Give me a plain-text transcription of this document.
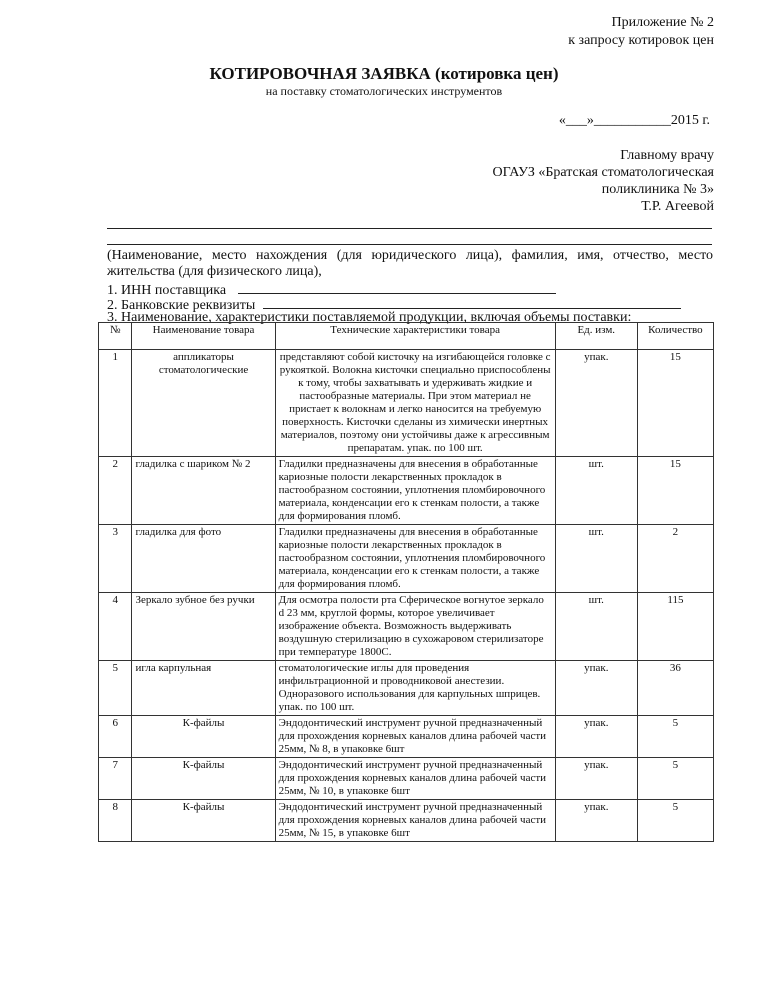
Приложение № 2
к запросу котировок цен
КОТИРОВОЧНАЯ ЗАЯВКА (котировка цен)
на поставку стоматологических инструментов
«___»___________2015 г.
Главному врачу
ОГАУЗ «Братская стоматологическая
поликлиника № 3»
Т.Р. Агеевой
(Наименование, место нахождения (для юридического лица), фамилия, имя, отчество, место жительства (для физического лица),
1. ИНН поставщика
2. Банковские реквизиты
3. Наименование, характеристики поставляемой продукции, включая объемы поставки:
№	Наименование товара	Технические характеристики товара	Ед. изм.	Количество
1	аппликаторы стоматологические	представляют собой кисточку на изгибающейся головке с рукояткой. Волокна кисточки специально приспособлены к тому, чтобы захватывать и удерживать жидкие и пастообразные материалы. При этом материал не пристает к волокнам и легко наносится на требуемую поверхность. Кисточки сделаны из химически инертных материалов, поэтому они устойчивы даже к агрессивным препаратам. упак. по 100 шт.	упак.	15
2	гладилка с шариком № 2	Гладилки предназначены для внесения в обработанные кариозные полости лекарственных прокладок в пастообразном состоянии, уплотнения пломбировочного материала, конденсации его к стенкам полости, а также для формирования пломб.	шт.	15
3	гладилка для фото	Гладилки предназначены для внесения в обработанные кариозные полости лекарственных прокладок в пастообразном состоянии, уплотнения пломбировочного материала, конденсации его к стенкам полости, а также для формирования пломб.	шт.	2
4	Зеркало зубное без ручки	Для осмотра полости рта Сферическое вогнутое зеркало d 23 мм, круглой формы, которое увеличивает изображение объекта. Возможность выдерживать воздушную стерилизацию в сухожаровом стерилизаторе при температуре 1800С.	шт.	115
5	игла карпульная	стоматологические иглы для проведения инфильтрационной и проводниковой анестезии. Одноразового использования для карпульных шприцев. упак. по 100 шт.	упак.	36
6	К-файлы	Эндодонтический инструмент ручной предназначенный для прохождения корневых каналов длина рабочей части 25мм, № 8, в упаковке 6шт	упак.	5
7	К-файлы	Эндодонтический инструмент ручной предназначенный для прохождения корневых каналов длина рабочей части 25мм, № 10, в упаковке 6шт	упак.	5
8	К-файлы	Эндодонтический инструмент ручной предназначенный для прохождения корневых каналов длина рабочей части 25мм, № 15, в упаковке 6шт	упак.	5
